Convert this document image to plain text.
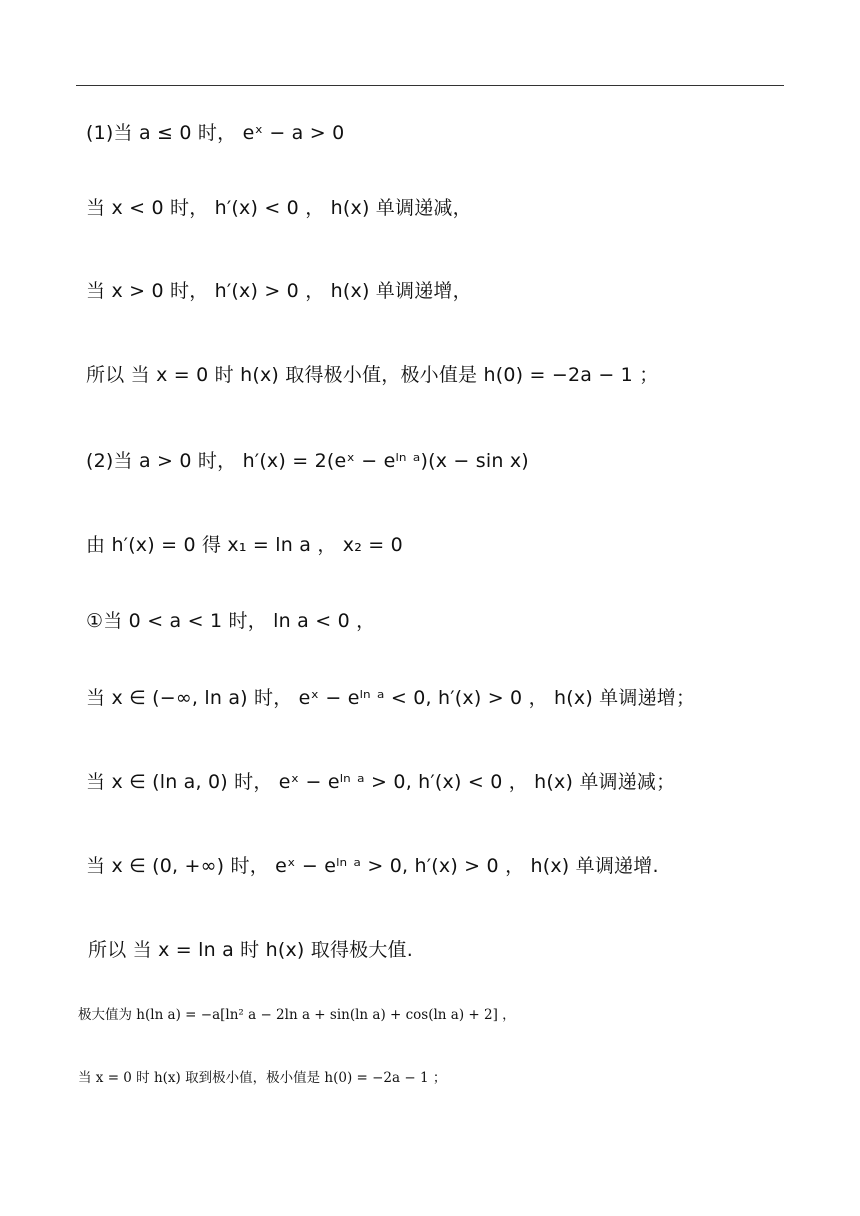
(1)当 a ≤ 0 时， eˣ − a > 0
当 x < 0 时， h′(x) < 0 ， h(x) 单调递减，
当 x > 0 时， h′(x) > 0 ， h(x) 单调递增，
所以 当 x = 0 时 h(x) 取得极小值，极小值是 h(0) = −2a − 1 ；
(2)当 a > 0 时， h′(x) = 2(eˣ − eˡⁿ ᵃ)(x − sin x)
由 h′(x) = 0 得 x₁ = ln a ， x₂ = 0
①当 0 < a < 1 时， ln a < 0 ，
当 x ∈ (−∞, ln a) 时， eˣ − eˡⁿ ᵃ < 0, h′(x) > 0 ， h(x) 单调递增；
当 x ∈ (ln a, 0) 时， eˣ − eˡⁿ ᵃ > 0, h′(x) < 0 ， h(x) 单调递减；
当 x ∈ (0, +∞) 时， eˣ − eˡⁿ ᵃ > 0, h′(x) > 0 ， h(x) 单调递增.
所以 当 x = ln a 时 h(x) 取得极大值.
极大值为 h(ln a) = −a[ln² a − 2ln a + sin(ln a) + cos(ln a) + 2] ，
当 x = 0 时 h(x) 取到极小值，极小值是 h(0) = −2a − 1 ；
